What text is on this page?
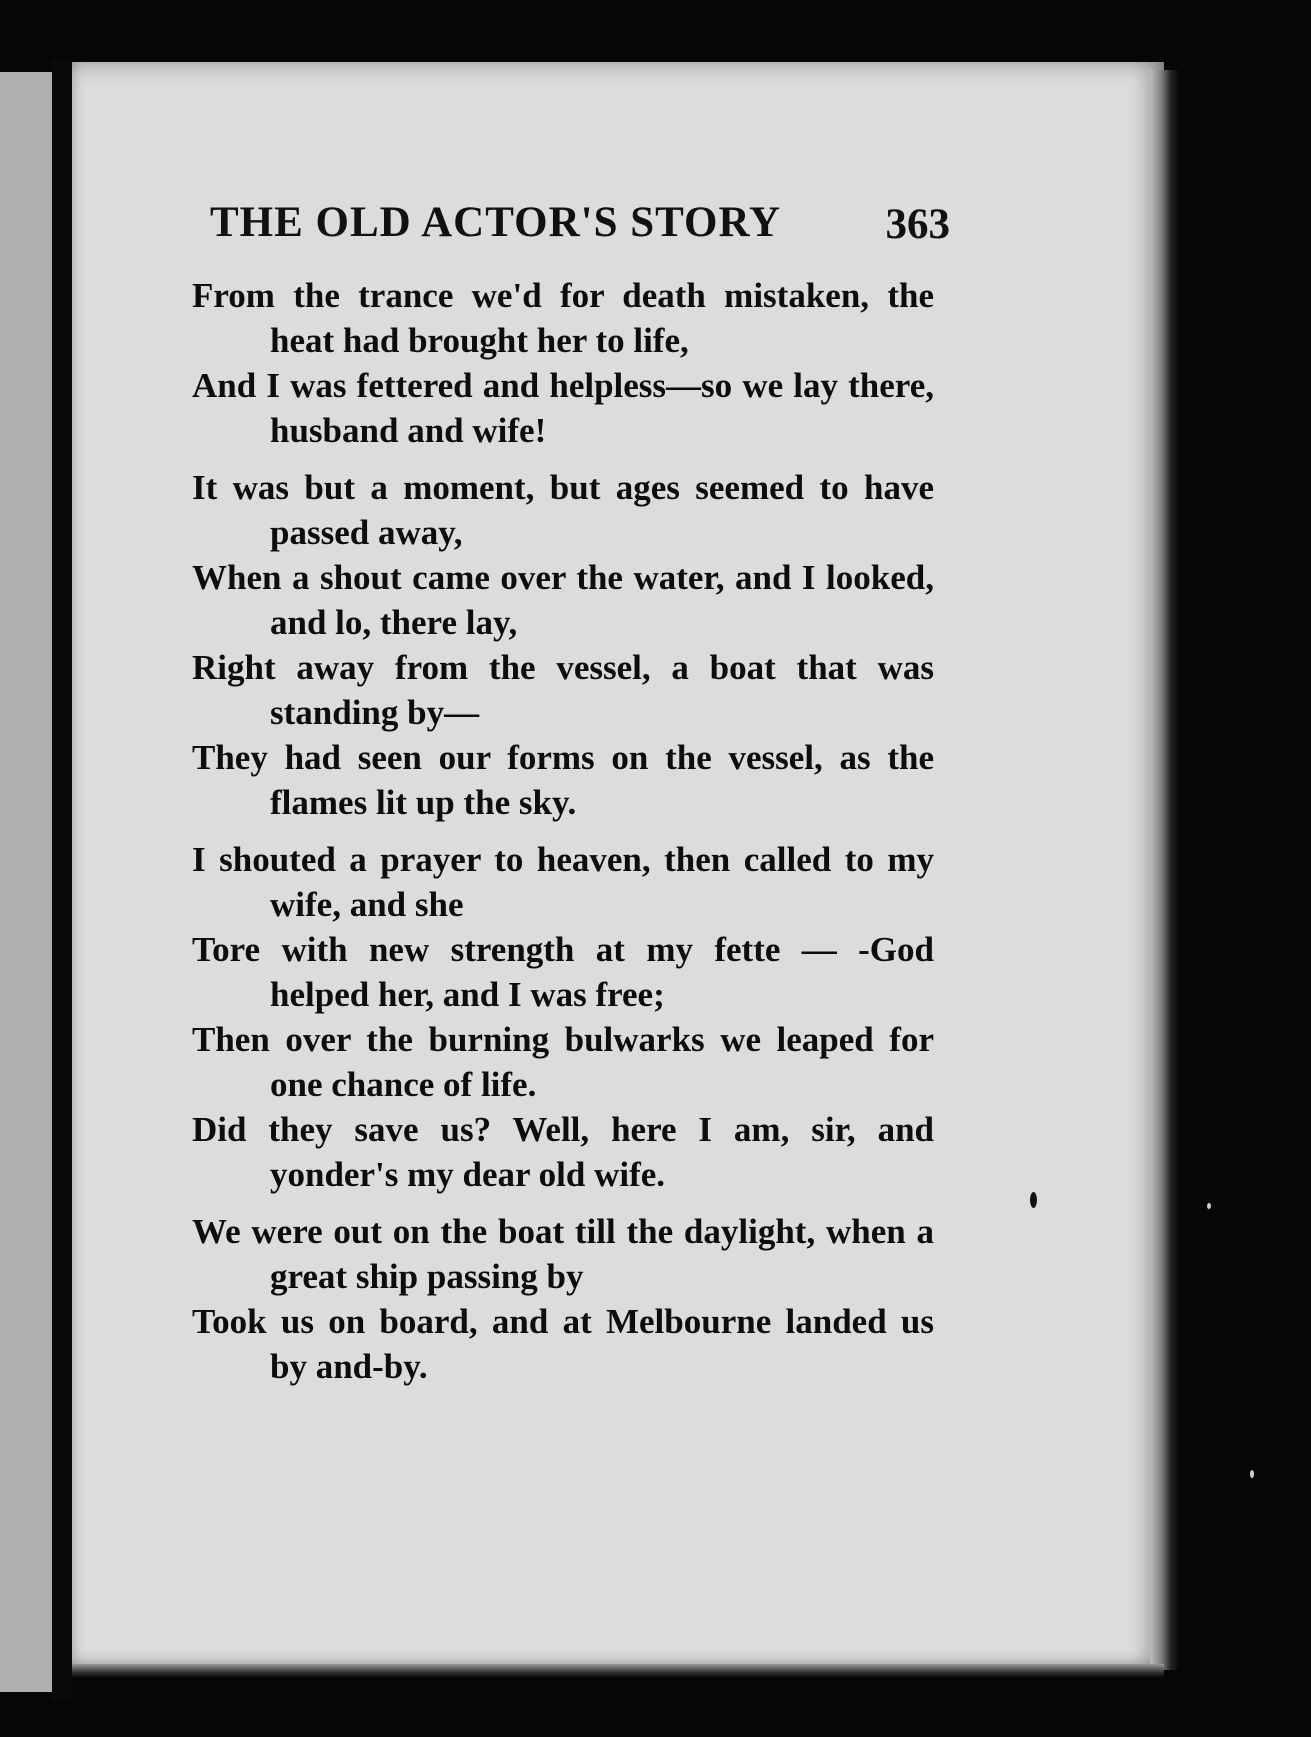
THE OLD ACTOR'S STORY 363

From the trance we'd for death mistaken, the heat had brought her to life,

And I was fettered and helpless—so we lay there, husband and wife!

It was but a moment, but ages seemed to have passed away,

When a shout came over the water, and I looked, and lo, there lay,

Right away from the vessel, a boat that was standing by—

They had seen our forms on the vessel, as the flames lit up the sky.

I shouted a prayer to heaven, then called to my wife, and she

Tore with new strength at my fette — -God helped her, and I was free;

Then over the burning bulwarks we leaped for one chance of life.

Did they save us? Well, here I am, sir, and yonder's my dear old wife.

We were out on the boat till the daylight, when a great ship passing by

Took us on board, and at Melbourne landed us by and-by.
